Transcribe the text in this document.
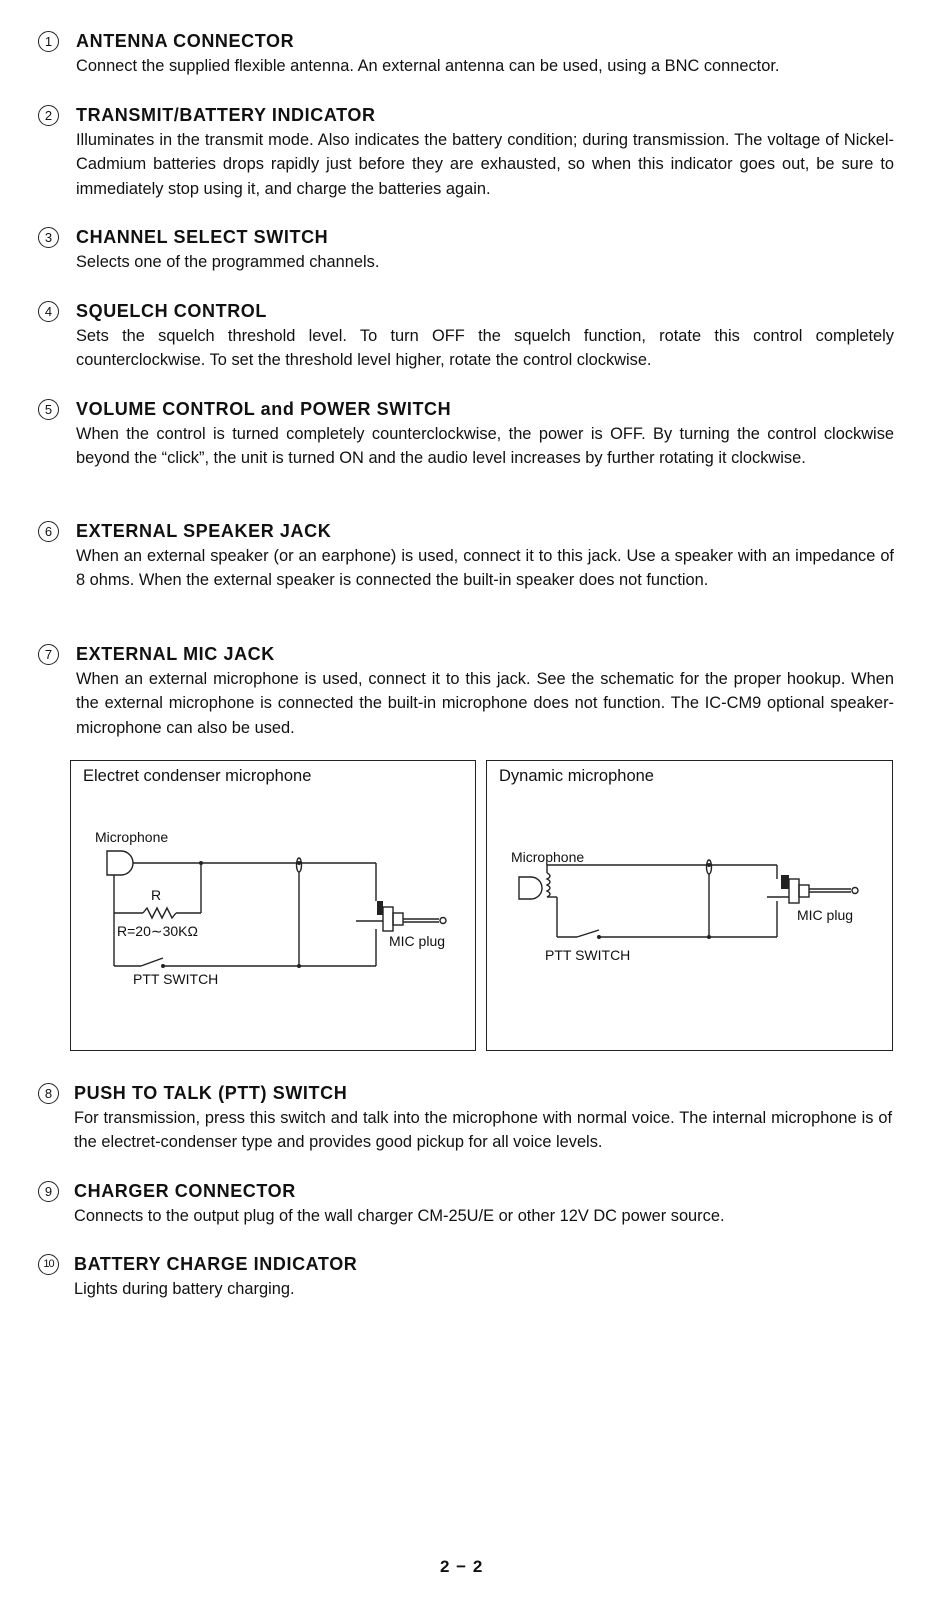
1	ANTENNA CONNECTOR
Connect the supplied flexible antenna. An external antenna can be used, using a BNC connector.
2	TRANSMIT/BATTERY INDICATOR
Illuminates in the transmit mode. Also indicates the battery condition; during transmission. The voltage of Nickel-Cadmium batteries drops rapidly just before they are exhausted, so when this indicator goes out, be sure to immediately stop using it, and charge the batteries again.
3	CHANNEL SELECT SWITCH
Selects one of the programmed channels.
4	SQUELCH CONTROL
Sets the squelch threshold level. To turn OFF the squelch function, rotate this control completely counterclockwise. To set the threshold level higher, rotate the control clockwise.
5	VOLUME CONTROL and POWER SWITCH
When the control is turned completely counterclockwise, the power is OFF. By turning the control clockwise beyond the “click”, the unit is turned ON and the audio level increases by further rotating it clockwise.
6	EXTERNAL SPEAKER JACK
When an external speaker (or an earphone) is used, connect it to this jack. Use a speaker with an impedance of 8 ohms. When the external speaker is connected the built-in speaker does not function.
7	EXTERNAL MIC JACK
When an external microphone is used, connect it to this jack. See the schematic for the proper hookup. When the external microphone is connected the built-in microphone does not function. The IC-CM9 optional speaker-microphone can also be used.
Electret condenser microphone
Microphone
R
R=20∼30KΩ
PTT SWITCH
MIC plug
Dynamic microphone
Microphone
PTT SWITCH
MIC plug
8	PUSH TO TALK (PTT) SWITCH
For transmission, press this switch and talk into the microphone with normal voice. The internal microphone is of the electret-condenser type and provides good pickup for all voice levels.
9	CHARGER CONNECTOR
Connects to the output plug of the wall charger CM-25U/E or other 12V DC power source.
10 BATTERY CHARGE INDICATOR
Lights during battery charging.
2 − 2
